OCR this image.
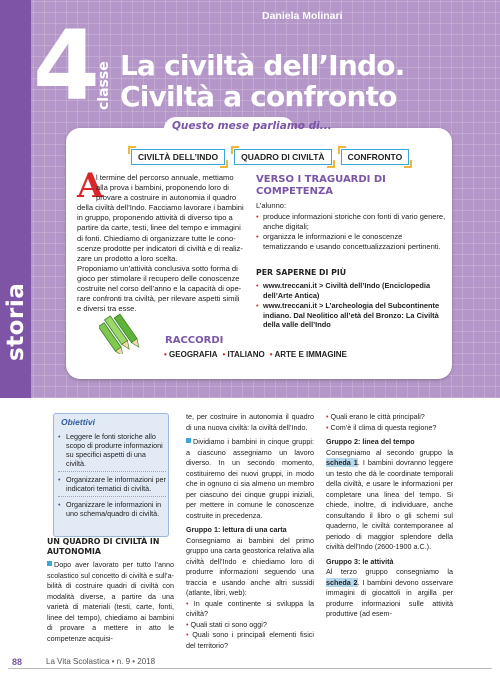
storia
Daniela Molinari
4
classe La civiltà dell’Indo.
Civiltà a confronto
Questo mese parliamo di...
CIVILTÀ DELL’INDO	QUADRO DI CIVILTÀ	CONFRONTO
A
l termine del percorso annuale, mettiamo
alla prova i bambini, proponendo loro di
provare a costruire in autonomia il quadro
della civiltà dell’Indo. Facciamo lavorare i bambini
in gruppo, proponendo attività di diverso tipo a
partire da carte, testi, linee del tempo e immagini
di fonti. Chiediamo di organizzare tutte le cono-
scenze prodotte per indicatori di civiltà e di realiz-
zare un prodotto a loro scelta.
Proponiamo un’attività conclusiva sotto forma di
gioco per stimolare il recupero delle conoscenze
costruite nel corso dell’anno e la capacità di ope-
rare confronti tra civiltà, per rilevare aspetti simili
e diversi tra esse.
VERSO I TRAGUARDI DI COMPETENZA
L’alunno:
• produce informazioni storiche con fonti di vario genere, anche digitali;
• organizza le informazioni e le conoscenze tematizzando e usando concettualizzazioni pertinenti.
PER SAPERNE DI PIÙ
• www.treccani.it > Civiltà dell’Indo (Enciclopedia dell’Arte Antica)
• www.treccani.it > L’archeologia del Subcontinente indiano. Dal Neolitico all’età del Bronzo: La Civiltà della valle dell’Indo
RACCORDI
• GEOGRAFIA	• ITALIANO	• ARTE E IMMAGINE
Obiettivi
• Leggere le fonti storiche allo scopo di produrre informazioni su specifici aspetti di una civiltà.
• Organizzare le informazioni per indicatori tematici di civiltà.
• Organizzare le informazioni in uno schema/quadro di civiltà.
UN QUADRO DI CIVILTÀ IN AUTONOMIA
Dopo aver lavorato per tutto l’anno scolastico sul concetto di civiltà e sull’a-bilità di costruire quadri di civiltà con modalità diverse, a partire da una varietà di materiali (testi, carte, fonti, linee del tempo), chiediamo ai bambini di provare a mettere in atto le competenze acquisi-
te, per costruire in autonomia il quadro di una nuova civiltà: la civiltà dell’Indo.
Dividiamo i bambini in cinque gruppi: a ciascuno assegniamo un lavoro diverso. In un secondo momento, costituiremo dei nuovi gruppi, in modo che in ognuno ci sia almeno un membro per ciascuno dei cinque gruppi iniziali, per mettere in comune le conoscenze costruite in precedenza.
Gruppo 1: lettura di una carta
Consegniamo ai bambini del primo gruppo una carta geostorica relativa alla civiltà dell’Indo e chiediamo loro di produrre informazioni seguendo una traccia e usando anche altri sussidi (atlante, libri, web):
• In quale continente si sviluppa la civiltà?
• Quali stati ci sono oggi?
• Quali sono i principali elementi fisici del territorio?
• Quali erano le città principali?
• Com’è il clima di questa regione?
Gruppo 2: linea del tempo
Consegniamo al secondo gruppo la scheda 1. I bambini dovranno leggere un testo che dà le coordinate temporali della civiltà, e usare le informazioni per completare una linea del tempo. Si chiede, inoltre, di individuare, anche consultando il libro o gli schemi sul quaderno, le civiltà contemporanee al periodo di maggior splendore della civiltà dell’Indo (2600-1900 a.C.).
Gruppo 3: le attività
Al terzo gruppo consegniamo la scheda 2. I bambini devono osservare immagini di giocattoli in argilla per produrre informazioni sulle attività produttive (ad esem-
88	La Vita Scolastica • n. 9 • 2018
